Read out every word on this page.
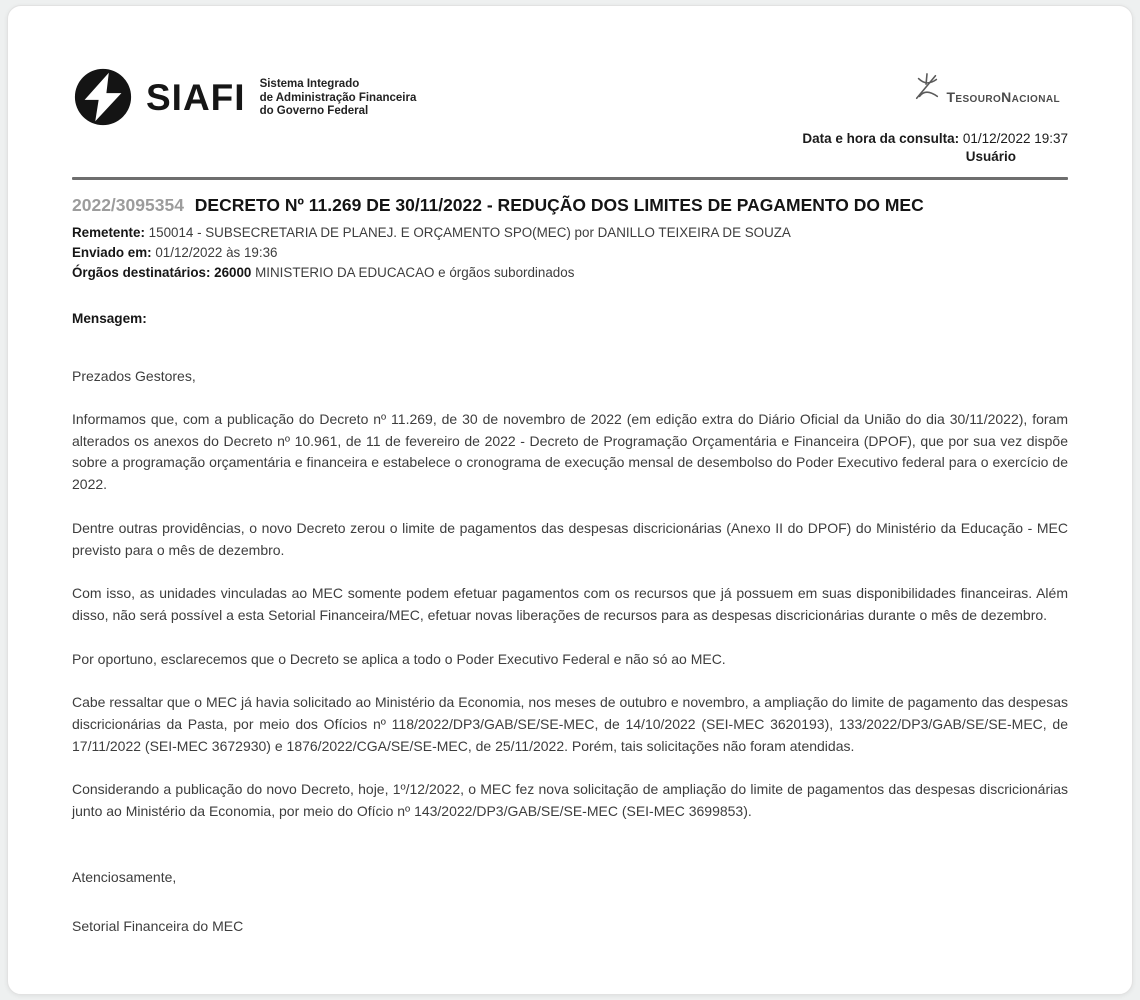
SIAFI Sistema Integrado
de Administração Financeira
do Governo Federal
TesouroNacional
Data e hora da consulta: 01/12/2022 19:37
Usuário
2022/3095354 DECRETO Nº 11.269 DE 30/11/2022 - REDUÇÃO DOS LIMITES DE PAGAMENTO DO MEC
Remetente: 150014 - SUBSECRETARIA DE PLANEJ. E ORÇAMENTO SPO(MEC) por DANILLO TEIXEIRA DE SOUZA
Enviado em: 01/12/2022 às 19:36
Órgãos destinatários: 26000 MINISTERIO DA EDUCACAO e órgãos subordinados
Mensagem:
Prezados Gestores,

Informamos que, com a publicação do Decreto nº 11.269, de 30 de novembro de 2022 (em edição extra do Diário Oficial da União do dia 30/11/2022), foram alterados os anexos do Decreto nº 10.961, de 11 de fevereiro de 2022 - Decreto de Programação Orçamentária e Financeira (DPOF), que por sua vez dispõe sobre a programação orçamentária e financeira e estabelece o cronograma de execução mensal de desembolso do Poder Executivo federal para o exercício de 2022.

Dentre outras providências, o novo Decreto zerou o limite de pagamentos das despesas discricionárias (Anexo II do DPOF) do Ministério da Educação - MEC previsto para o mês de dezembro.

Com isso, as unidades vinculadas ao MEC somente podem efetuar pagamentos com os recursos que já possuem em suas disponibilidades financeiras. Além disso, não será possível a esta Setorial Financeira/MEC, efetuar novas liberações de recursos para as despesas discricionárias durante o mês de dezembro.

Por oportuno, esclarecemos que o Decreto se aplica a todo o Poder Executivo Federal e não só ao MEC.

Cabe ressaltar que o MEC já havia solicitado ao Ministério da Economia, nos meses de outubro e novembro, a ampliação do limite de pagamento das despesas discricionárias da Pasta, por meio dos Ofícios nº 118/2022/DP3/GAB/SE/SE-MEC, de 14/10/2022 (SEI-MEC 3620193), 133/2022/DP3/GAB/SE/SE-MEC, de 17/11/2022 (SEI-MEC 3672930) e 1876/2022/CGA/SE/SE-MEC, de 25/11/2022. Porém, tais solicitações não foram atendidas.

Considerando a publicação do novo Decreto, hoje, 1º/12/2022, o MEC fez nova solicitação de ampliação do limite de pagamentos das despesas discricionárias junto ao Ministério da Economia, por meio do Ofício nº 143/2022/DP3/GAB/SE/SE-MEC (SEI-MEC 3699853).

Atenciosamente,
Setorial Financeira do MEC
